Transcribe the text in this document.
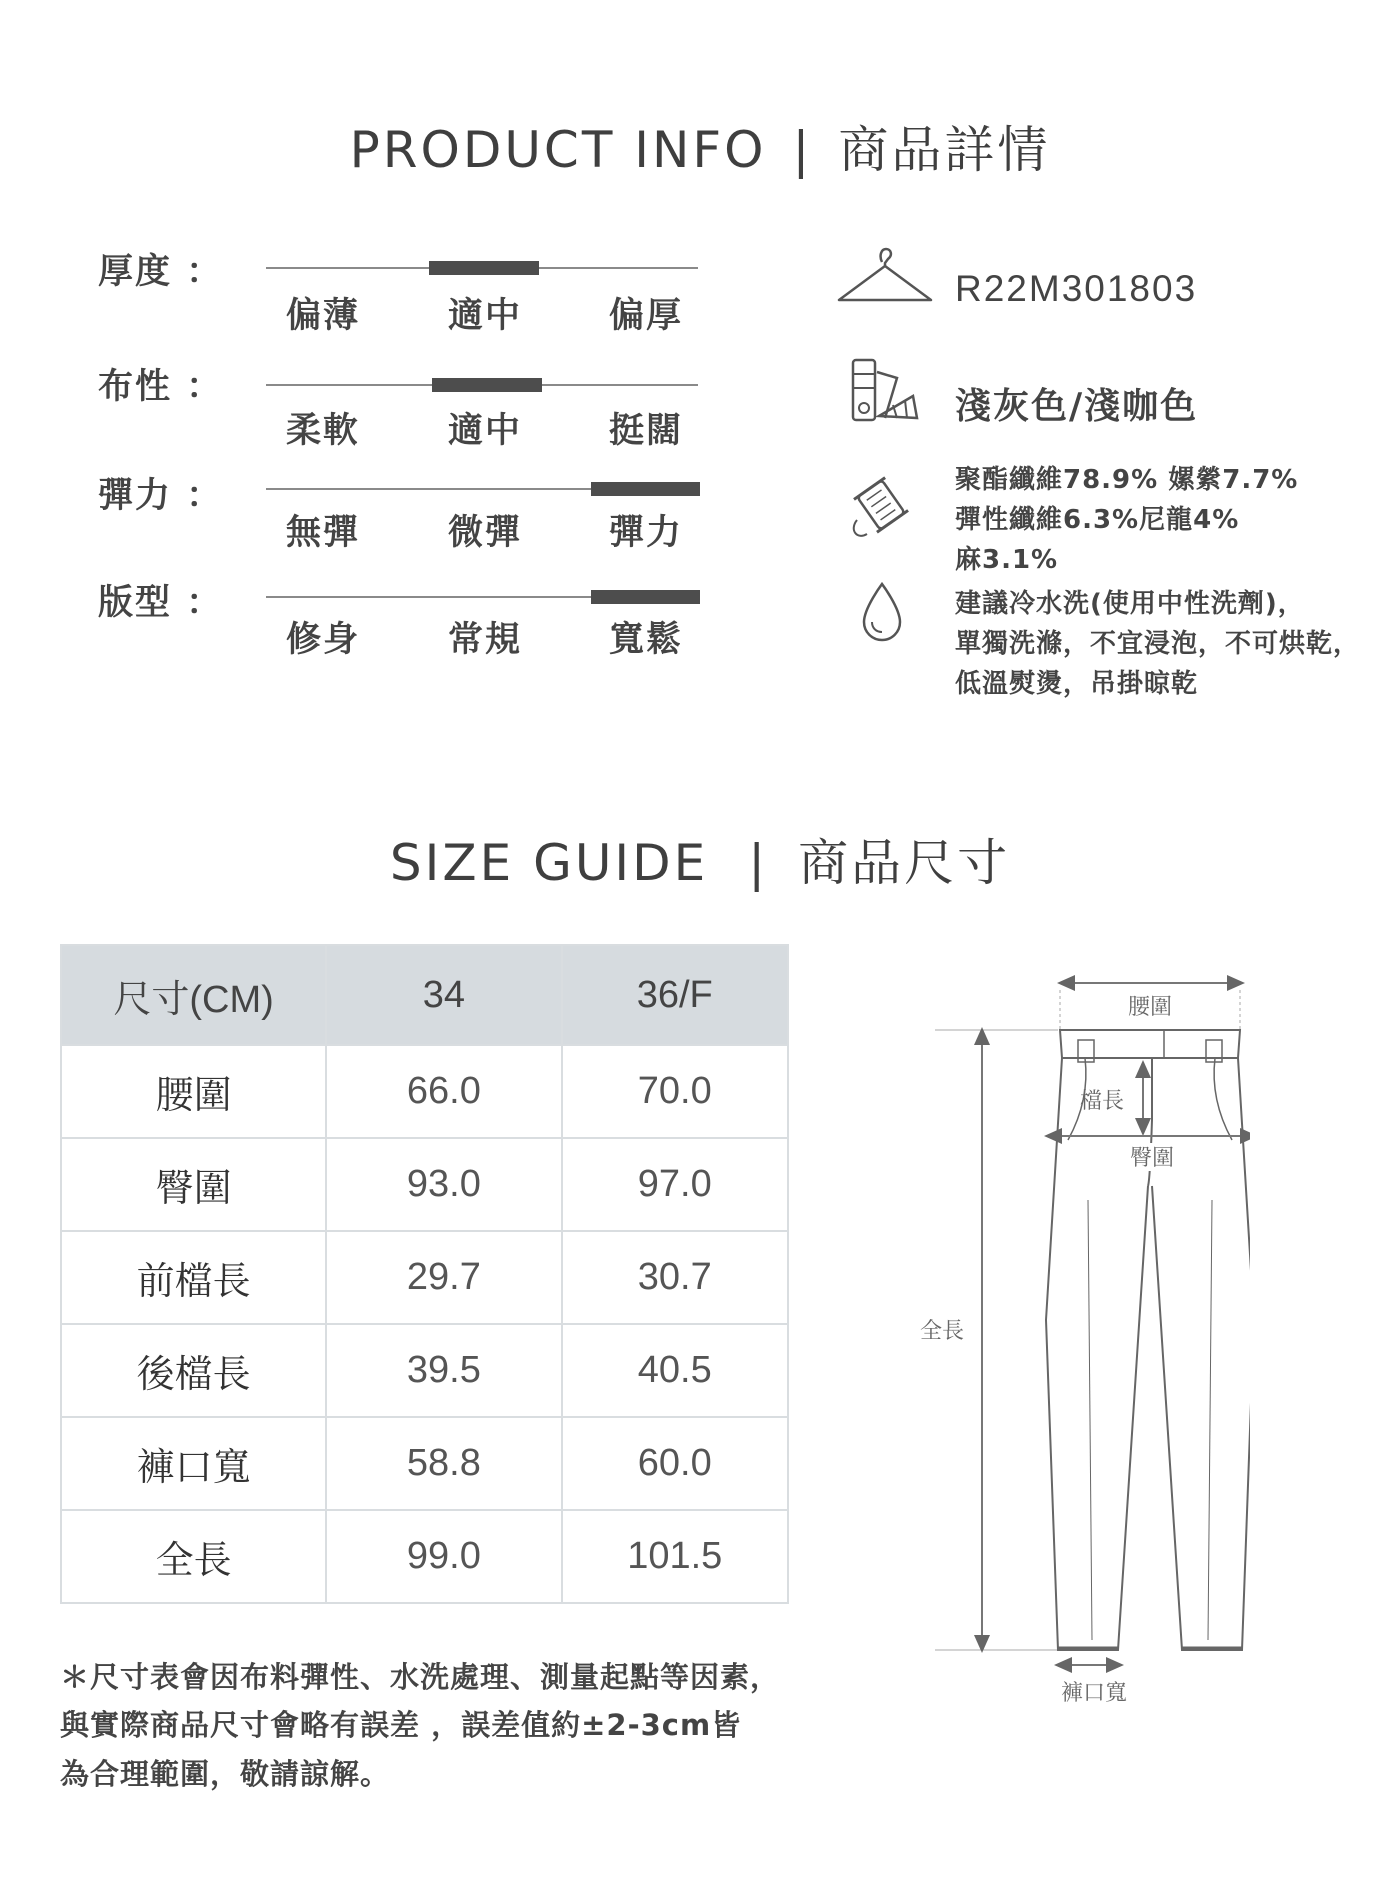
PRODUCT INFO | 商品詳情
厚度 ：
偏薄	適中	偏厚
布性 ：
柔軟	適中	挺闊
彈力 ：
無彈	微彈	彈力
版型 ：
修身	常規	寬鬆
R22M301803
淺灰色/淺咖色
聚酯纖維78.9% 嫘縈7.7%
彈性纖維6.3%尼龍4%
麻3.1%
建議冷水洗(使用中性洗劑)，
單獨洗滌，不宜浸泡，不可烘乾，
低溫熨燙，吊掛晾乾
SIZE GUIDE | 商品尺寸
尺寸(CM)	34	36/F
腰圍	66.0	70.0
臀圍	93.0	97.0
前檔長	29.7	30.7
後檔長	39.5	40.5
褲口寬	58.8	60.0
全長	99.0	101.5
＊尺寸表會因布料彈性、水洗處理、測量起點等因素，
與實際商品尺寸會略有誤差 ，誤差值約±2-3cm皆
為合理範圍，敬請諒解。
腰圍
全長
檔長
臀圍
褲口寬
